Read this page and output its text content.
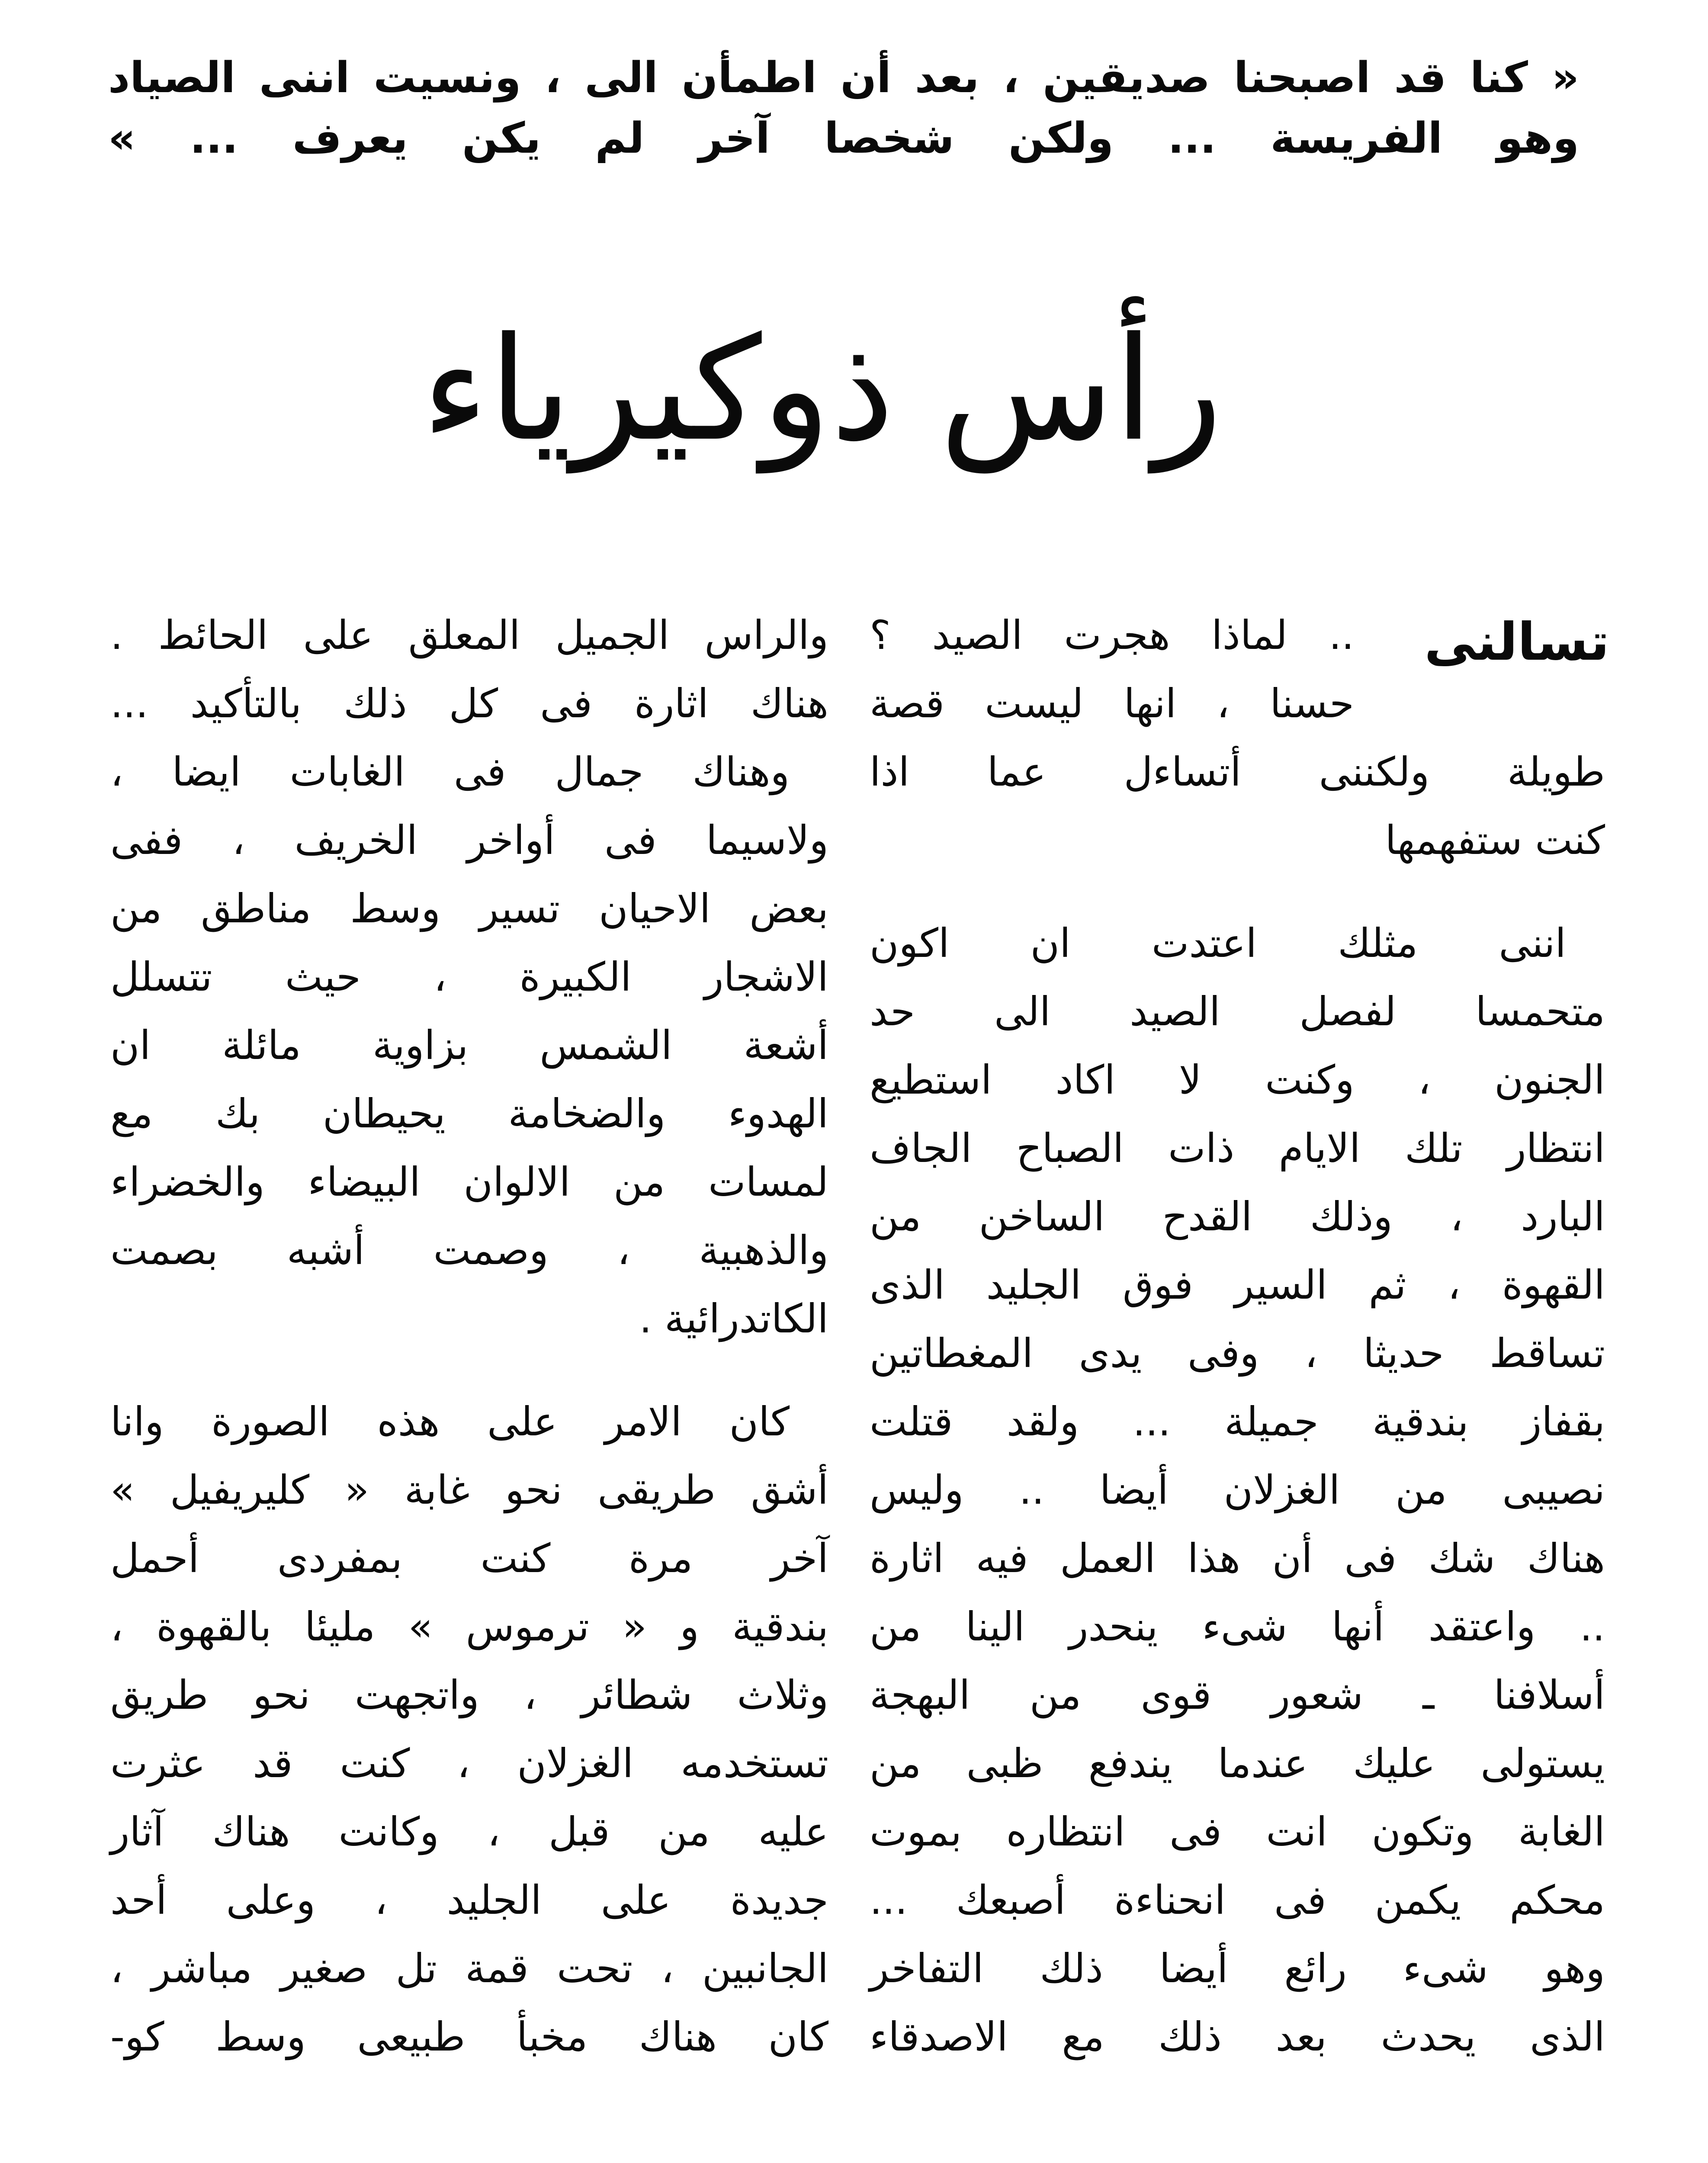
« كنا قد اصبحنا صديقين ، بعد أن اطمأن الى ، ونسيت اننى الصياد
وهو الفريسة ... ولكن شخصا آخر لم يكن يعرف ... »
رأس ذوكيرياء
تسالنى
.. لماذا هجرت الصيد ؟
حسنا ، انها ليست قصة
طويلة ولكننى أتساءل عما اذا
كنت ستفهمها
اننى مثلك اعتدت ان اكون
متحمسا لفصل الصيد الى حد
الجنون ، وكنت لا اكاد استطيع
انتظار تلك الايام ذات الصباح الجاف
البارد ، وذلك القدح الساخن من
القهوة ، ثم السير فوق الجليد الذى
تساقط حديثا ، وفى يدى المغطاتين
بقفاز بندقية جميلة ... ولقد قتلت
نصيبى من الغزلان أيضا .. وليس
هناك شك فى أن هذا العمل فيه اثارة
.. واعتقد أنها شىء ينحدر الينا من
أسلافنا ـ شعور قوى من البهجة
يستولى عليك عندما يندفع ظبى من
الغابة وتكون انت فى انتظاره بموت
محكم يكمن فى انحناءة أصبعك ...
وهو شىء رائع أيضا ذلك التفاخر
الذى يحدث بعد ذلك مع الاصدقاء
والراس الجميل المعلق على الحائط .
هناك اثارة فى كل ذلك بالتأكيد ...
وهناك جمال فى الغابات ايضا ،
ولاسيما فى أواخر الخريف ، ففى
بعض الاحيان تسير وسط مناطق من
الاشجار الكبيرة ، حيث تتسلل
أشعة الشمس بزاوية مائلة ان
الهدوء والضخامة يحيطان بك مع
لمسات من الالوان البيضاء والخضراء
والذهبية ، وصمت أشبه بصمت
الكاتدرائية .
كان الامر على هذه الصورة وانا
أشق طريقى نحو غابة « كليريفيل »
آخر مرة كنت بمفردى أحمل
بندقية و « ترموس » مليئا بالقهوة ،
وثلاث شطائر ، واتجهت نحو طريق
تستخدمه الغزلان ، كنت قد عثرت
عليه من قبل ، وكانت هناك آثار
جديدة على الجليد ، وعلى أحد
الجانبين ، تحت قمة تل صغير مباشر ،
كان هناك مخبأ طبيعى وسط كو-
